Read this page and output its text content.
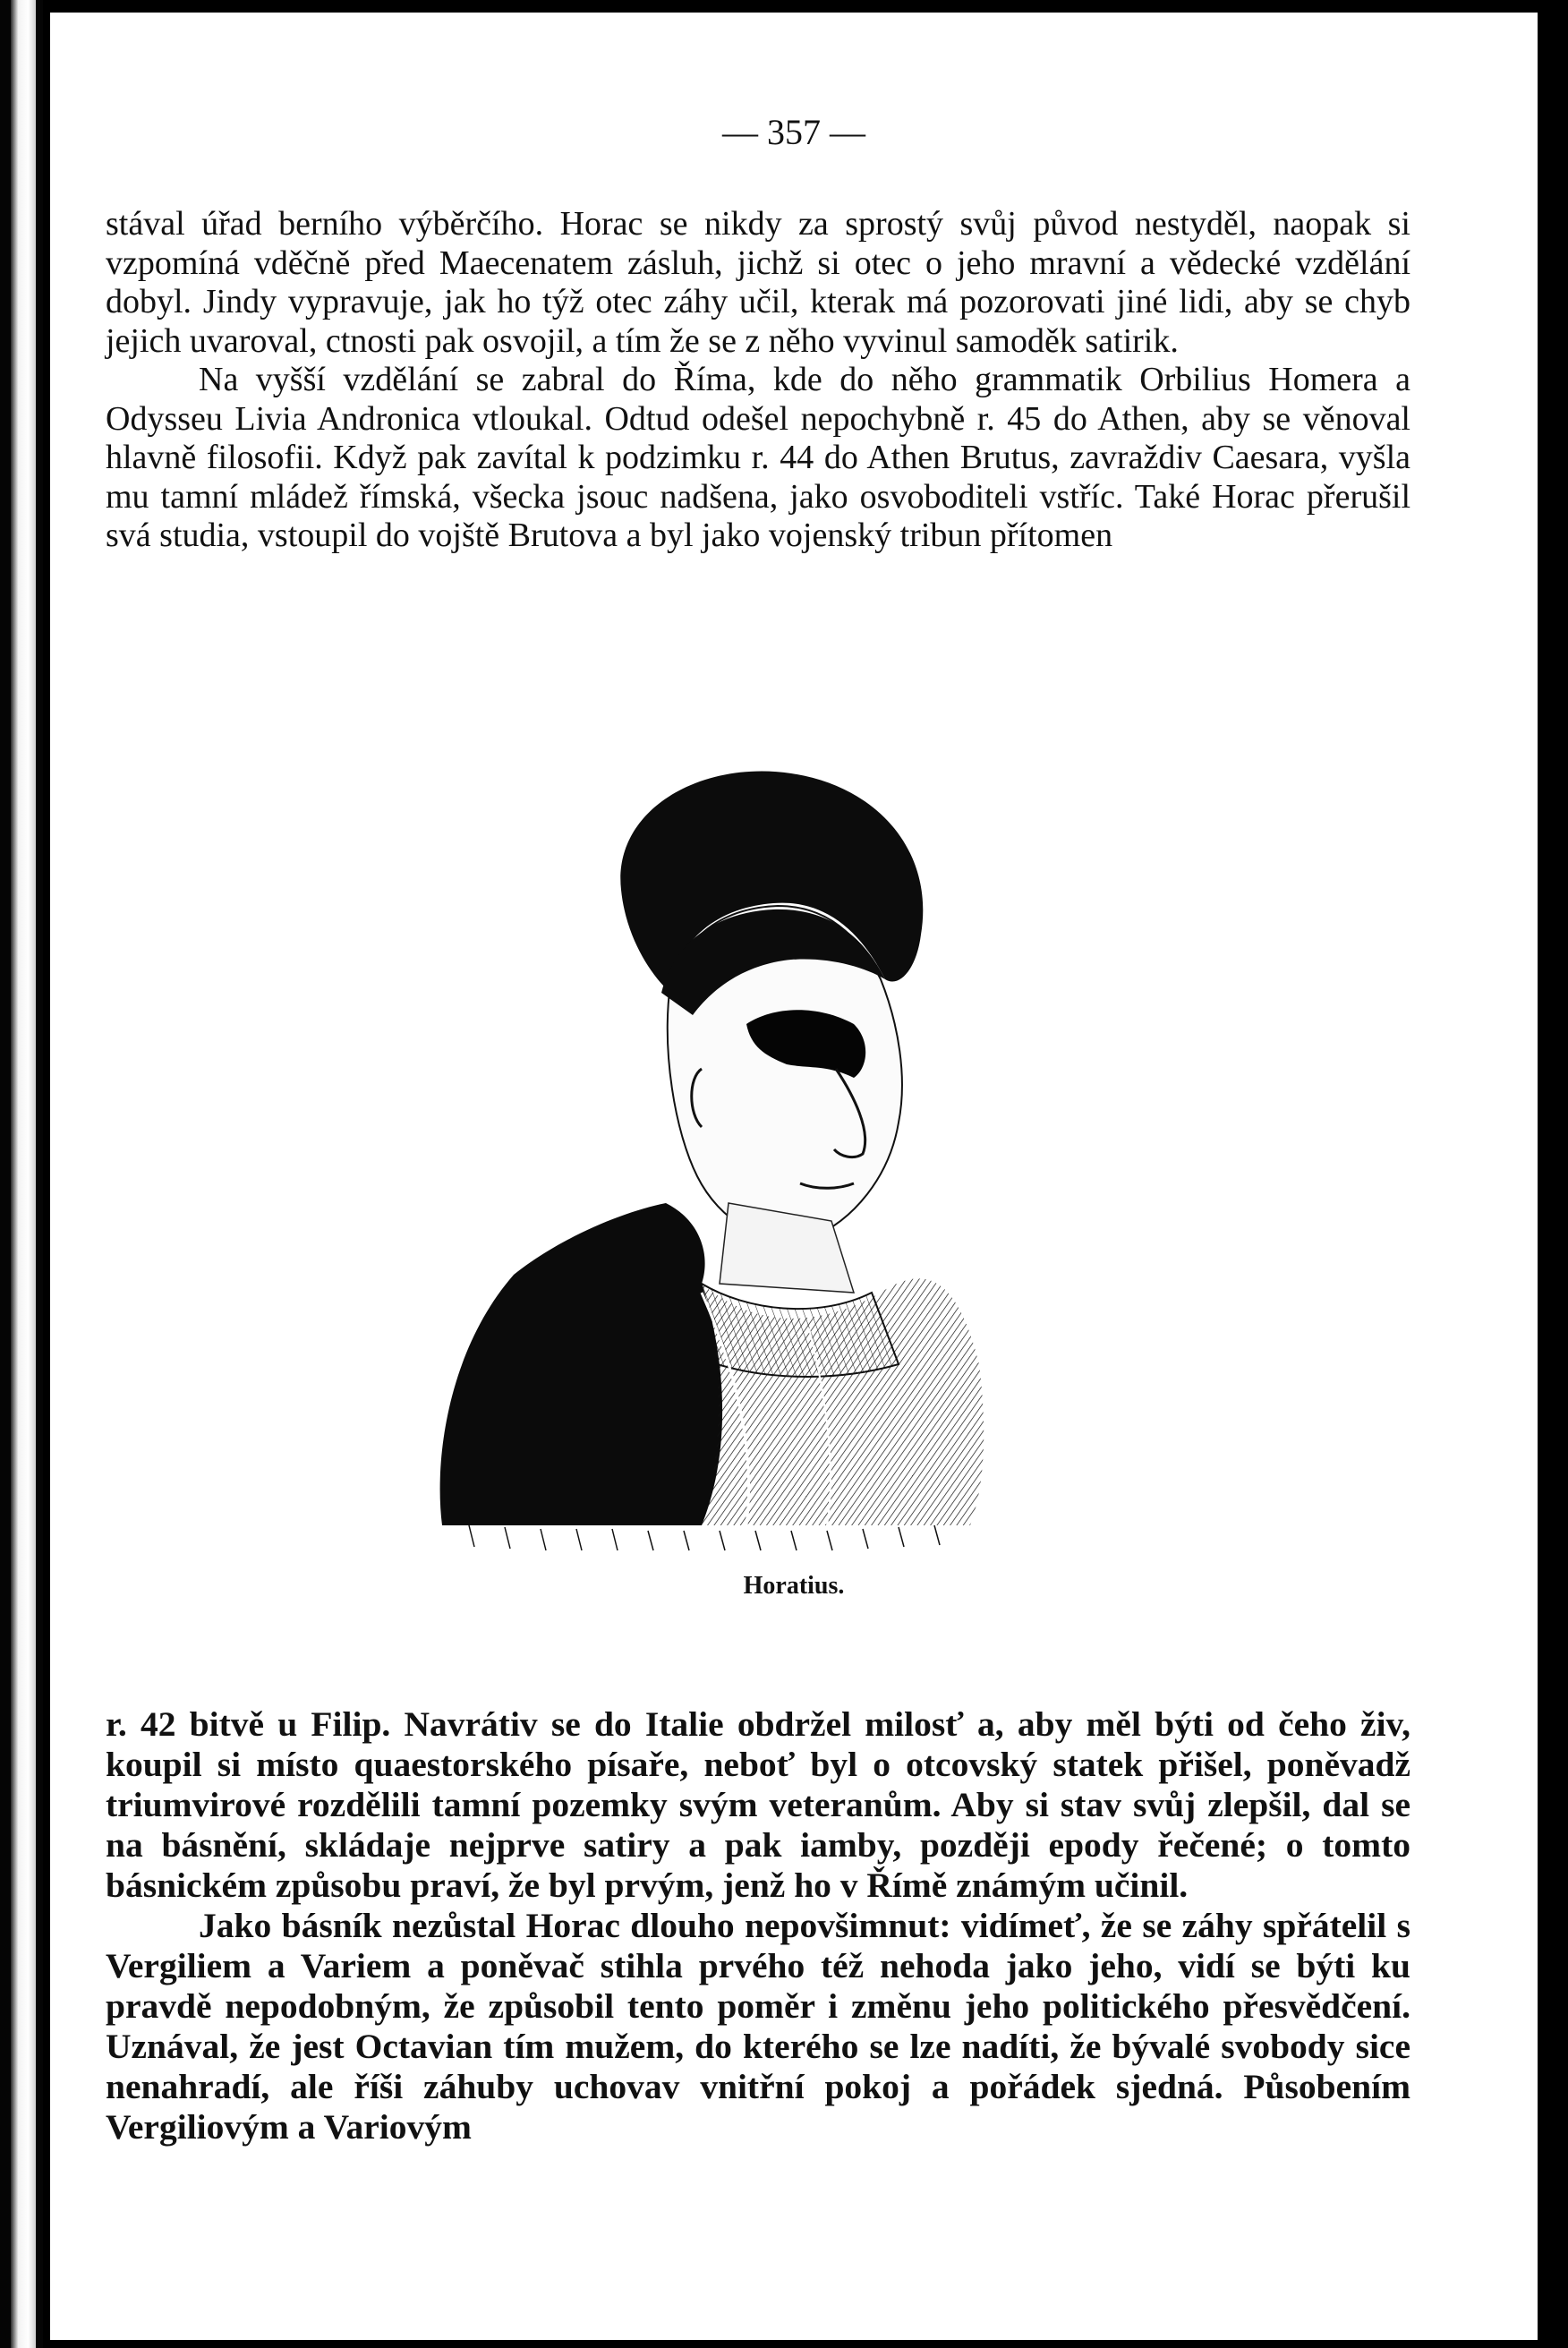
— 357 —

stával úřad berního výběrčího. Horac se nikdy za sprostý svůj původ nestyděl, naopak si vzpomíná vděčně před Maecenatem zásluh, jichž si otec o jeho mravní a vědecké vzdělání dobyl. Jindy vypravuje, jak ho týž otec záhy učil, kterak má pozorovati jiné lidi, aby se chyb jejich uvaroval, ctnosti pak osvojil, a tím že se z něho vyvinul samoděk satirik.

Na vyšší vzdělání se zabral do Říma, kde do něho grammatik Orbilius Homera a Odysseu Livia Andronica vtloukal. Odtud odešel nepochybně r. 45 do Athen, aby se věnoval hlavně filosofii. Když pak zavítal k podzimku r. 44 do Athen Brutus, zavraždiv Caesara, vyšla mu tamní mládež římská, všecka jsouc nadšena, jako osvoboditeli vstříc. Také Horac přerušil svá studia, vstoupil do vojště Brutova a byl jako vojenský tribun přítomen

Horatius.

r. 42 bitvě u Filip. Navrátiv se do Italie obdržel milosť a, aby měl býti od čeho živ, koupil si místo quaestorského písaře, neboť byl o otcovský statek přišel, poněvadž triumvirové rozdělili tamní pozemky svým veteranům. Aby si stav svůj zlepšil, dal se na básnění, skládaje nejprve satiry a pak iamby, později epody řečené; o tomto básnickém způsobu praví, že byl prvým, jenž ho v Římě známým učinil.

Jako básník nezůstal Horac dlouho nepovšimnut: vidímeť, že se záhy spřátelil s Vergiliem a Variem a poněvač stihla prvého též nehoda jako jeho, vidí se býti ku pravdě nepodobným, že způsobil tento poměr i změnu jeho politického přesvědčení. Uznával, že jest Octavian tím mužem, do kterého se lze nadíti, že bývalé svobody sice nenahradí, ale říši záhuby uchovav vnitřní pokoj a pořádek sjedná. Působením Vergiliovým a Variovým
